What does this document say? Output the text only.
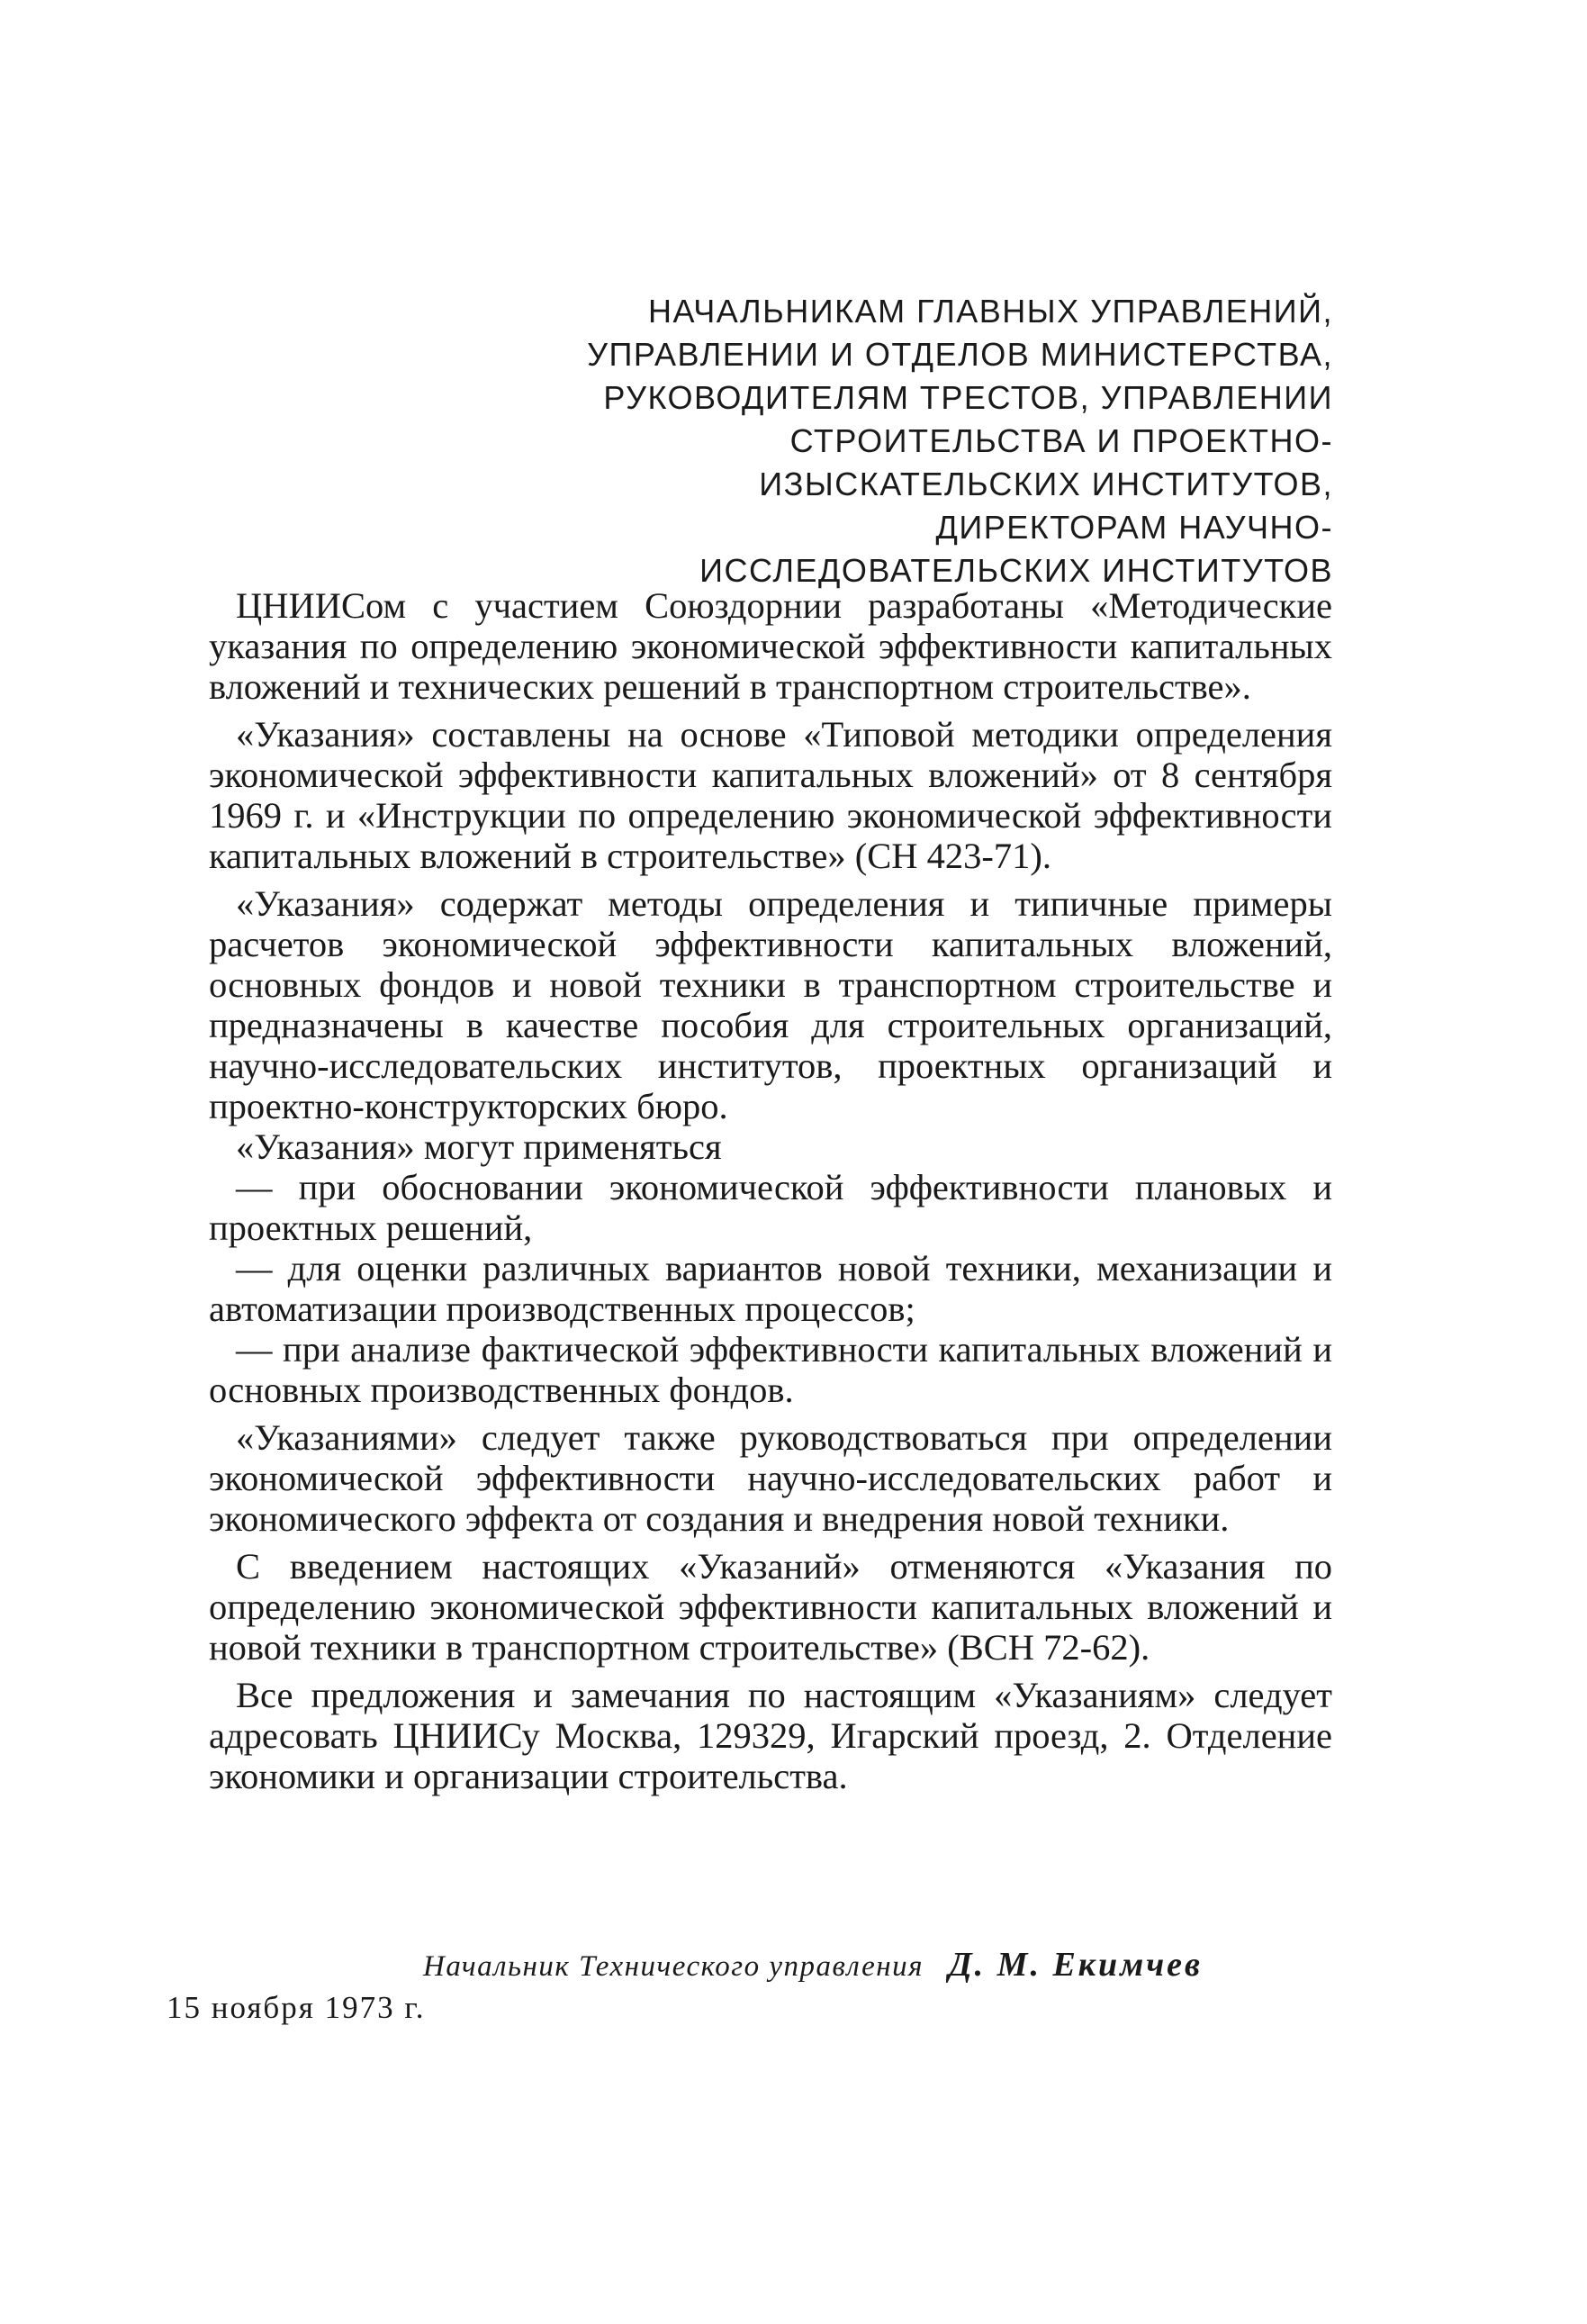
НАЧАЛЬНИКАМ ГЛАВНЫХ УПРАВЛЕНИЙ,
УПРАВЛЕНИИ И ОТДЕЛОВ МИНИСТЕРСТВА,
РУКОВОДИТЕЛЯМ ТРЕСТОВ, УПРАВЛЕНИИ
СТРОИТЕЛЬСТВА И ПРОЕКТНО-
ИЗЫСКАТЕЛЬСКИХ ИНСТИТУТОВ,
ДИРЕКТОРАМ НАУЧНО-
ИССЛЕДОВАТЕЛЬСКИХ ИНСТИТУТОВ

ЦНИИСом с участием Союздорнии разработаны «Методические указания по определению экономической эффективности капитальных вложений и технических решений в транспортном строительстве».

«Указания» составлены на основе «Типовой методики определения экономической эффективности капитальных вложений» от 8 сентября 1969 г. и «Инструкции по определению экономической эффективности капитальных вложений в строительстве» (СН 423-71).

«Указания» содержат методы определения и типичные примеры расчетов экономической эффективности капитальных вложений, основных фондов и новой техники в транспортном строительстве и предназначены в качестве пособия для строительных организаций, научно-исследовательских институтов, проектных организаций и проектно-конструкторских бюро.

«Указания» могут применяться

— при обосновании экономической эффективности плановых и проектных решений,

— для оценки различных вариантов новой техники, механизации и автоматизации производственных процессов;

— при анализе фактической эффективности капитальных вложений и основных производственных фондов.

«Указаниями» следует также руководствоваться при определении экономической эффективности научно-исследовательских работ и экономического эффекта от создания и внедрения новой техники.

С введением настоящих «Указаний» отменяются «Указания по определению экономической эффективности капитальных вложений и новой техники в транспортном строительстве» (ВСН 72-62).

Все предложения и замечания по настоящим «Указаниям» следует адресовать ЦНИИСу Москва, 129329, Игарский проезд, 2. Отделение экономики и организации строительства.

Начальник Технического управления Д. М. Екимчев
15 ноября 1973 г.
